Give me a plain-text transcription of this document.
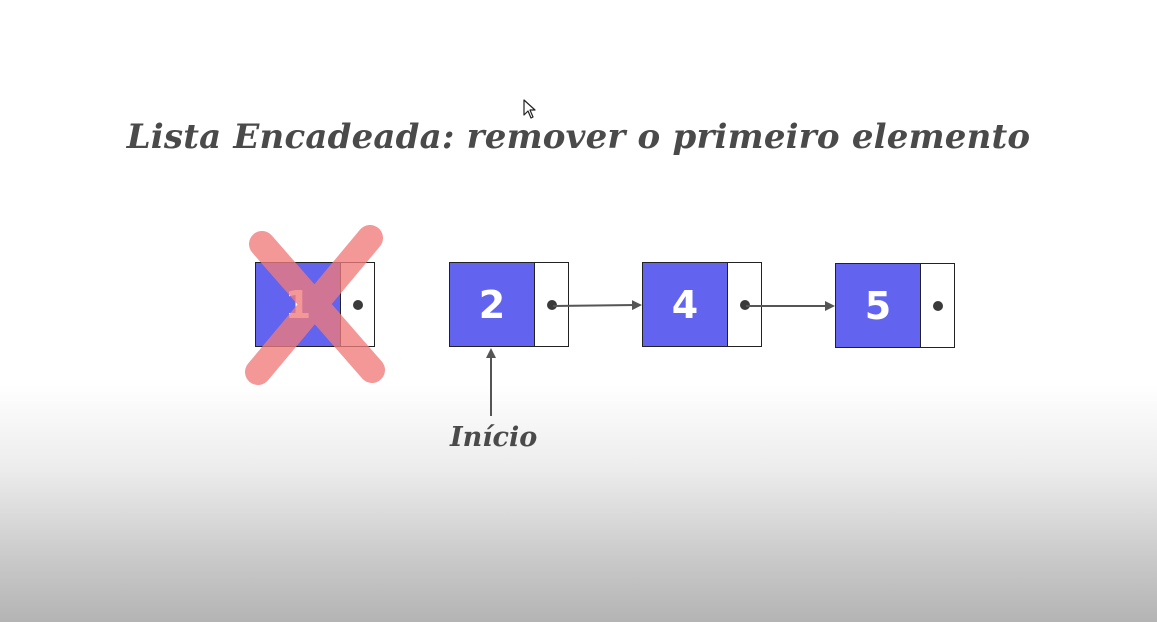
Lista Encadeada: remover o primeiro elemento
1	2	4	5
Início
